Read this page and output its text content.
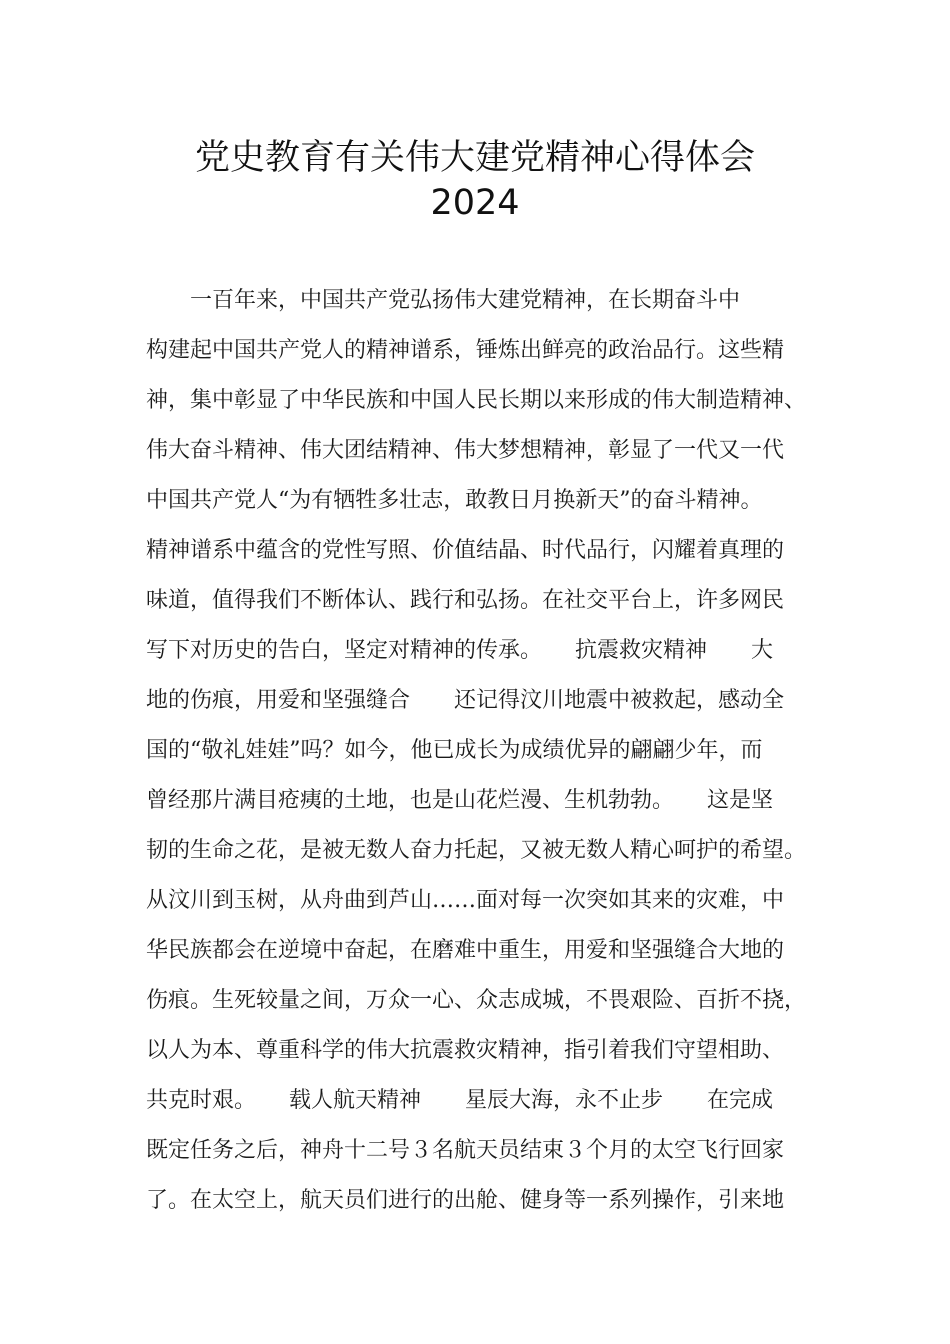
党史教育有关伟大建党精神心得体会
2024

　　一百年来，中国共产党弘扬伟大建党精神，在长期奋斗中

构建起中国共产党人的精神谱系，锤炼出鲜亮的政治品行。这些精

神，集中彰显了中华民族和中国人民长期以来形成的伟大制造精神、

伟大奋斗精神、伟大团结精神、伟大梦想精神，彰显了一代又一代

中国共产党人“为有牺牲多壮志，敢教日月换新天”的奋斗精神。

精神谱系中蕴含的党性写照、价值结晶、时代品行，闪耀着真理的

味道，值得我们不断体认、践行和弘扬。在社交平台上，许多网民

写下对历史的告白，坚定对精神的传承。　　抗震救灾精神　　大

地的伤痕，用爱和坚强缝合　　还记得汶川地震中被救起，感动全

国的“敬礼娃娃”吗？如今，他已成长为成绩优异的翩翩少年，而

曾经那片满目疮痍的土地，也是山花烂漫、生机勃勃。　　这是坚

韧的生命之花，是被无数人奋力托起，又被无数人精心呵护的希望。

从汶川到玉树，从舟曲到芦山……面对每一次突如其来的灾难，中

华民族都会在逆境中奋起，在磨难中重生，用爱和坚强缝合大地的

伤痕。生死较量之间，万众一心、众志成城，不畏艰险、百折不挠，

以人为本、尊重科学的伟大抗震救灾精神，指引着我们守望相助、

共克时艰。　　载人航天精神　　星辰大海，永不止步　　在完成

既定任务之后，神舟十二号３名航天员结束３个月的太空飞行回家

了。在太空上，航天员们进行的出舱、健身等一系列操作，引来地
